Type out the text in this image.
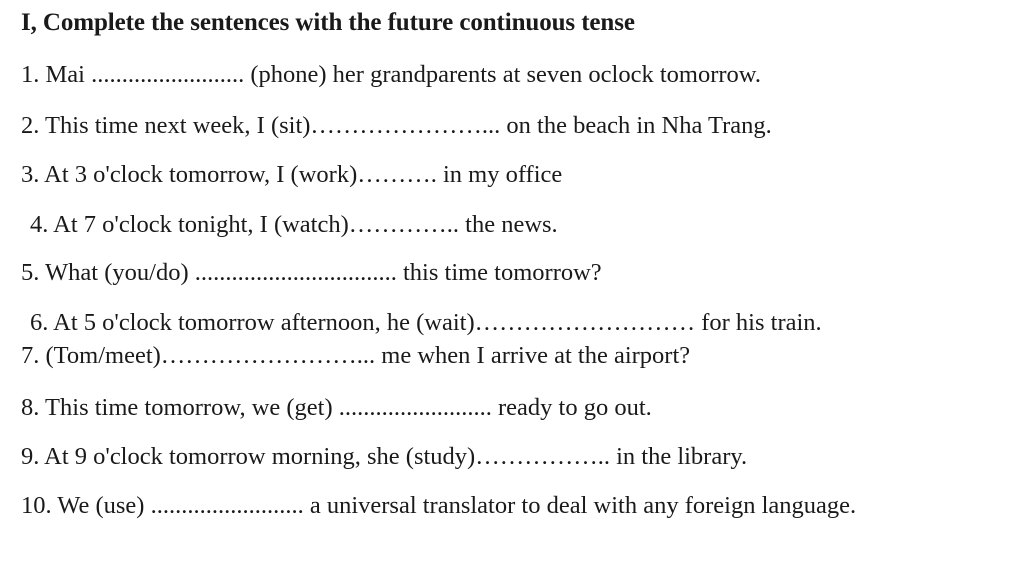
I, Complete the sentences with the future continuous tense
1. Mai ......................... (phone) her grandparents at seven oclock tomorrow.
2. This time next week, I (sit)…………………... on the beach in Nha Trang.
3. At 3 o'clock tomorrow, I (work)………. in my office
4. At 7 o'clock tonight, I (watch)………….. the news.
5. What (you/do) ................................. this time tomorrow?
6. At 5 o'clock tomorrow afternoon, he (wait)……………………… for his train.
7. (Tom/meet)……………………... me when I arrive at the airport?
8. This time tomorrow, we (get) ......................... ready to go out.
9. At 9 o'clock tomorrow morning, she (study)…………….. in the library.
10. We (use) ......................... a universal translator to deal with any foreign language.
